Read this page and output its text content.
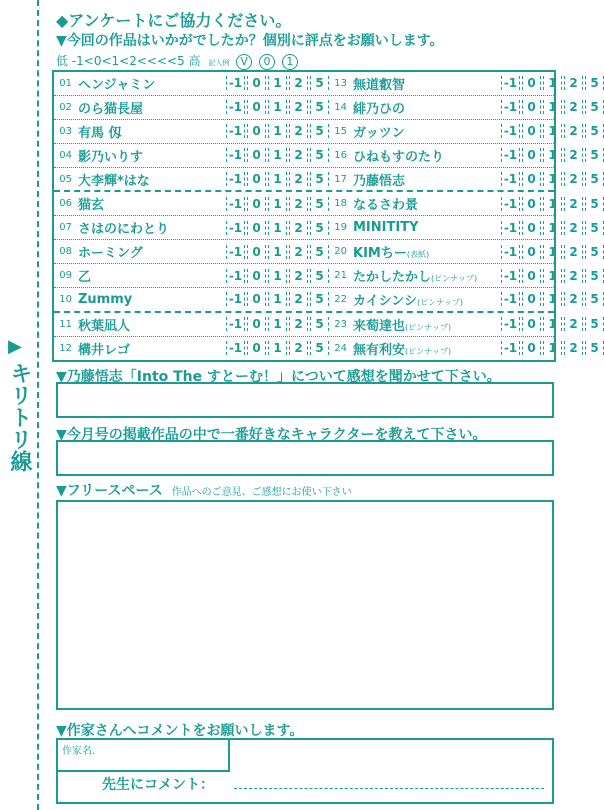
▶
キリトリ線
◆アンケートにご協力ください。
▼今回の作品はいかがでしたか？個別に評点をお願いします。
低 -1<0<1<2<<<<5 高 記入例 V 0 1
01 ヘンジャミン	-1 0	1	2	5	13 無道叡智	-1 0	1	2	5
02 のら猫長屋	-1 0	1	2	5	14 緋乃ひの	-1 0	1	2	5
03 有馬 仭	-1 0	1	2	5	15 ガッツン	-1 0	1	2	5
04 影乃いりす	-1 0	1	2	5	16 ひねもすのたり	-1 0	1	2	5
05 大李輝*はな	-1 0	1	2	5	17 乃藤悟志	-1 0	1	2	5
06 猫玄	-1 0	1	2	5	18 なるさわ景	-1 0	1	2	5
07 さはのにわとり	-1 0	1	2	5	19 MINITITY	-1 0	1	2	5
08 ホーミング	-1 0	1	2	5	20 KIMちー(表紙)	-1 0	1	2	5
09 乙	-1 0	1	2	5	21 たかしたかし(ピンナップ)	-1 0	1	2	5
10 Zummy	-1 0	1	2	5	22 カイシンシ(ピンナップ)	-1 0	1	2	5
11 秋葉凪人	-1 0	1	2	5	23 来萄達也(ピンナップ)	-1 0	1	2	5
12 構井レゴ	-1 0	1	2	5	24 無有利安(ピンナップ)	-1 0	1	2	5
▼乃藤悟志「Into The すとーむ！」について感想を聞かせて下さい。
▼今月号の掲載作品の中で一番好きなキャラクターを教えて下さい。
▼フリースペース 作品へのご意見、ご感想にお使い下さい
▼作家さんへコメントをお願いします。
作家名.
先生にコメント：
